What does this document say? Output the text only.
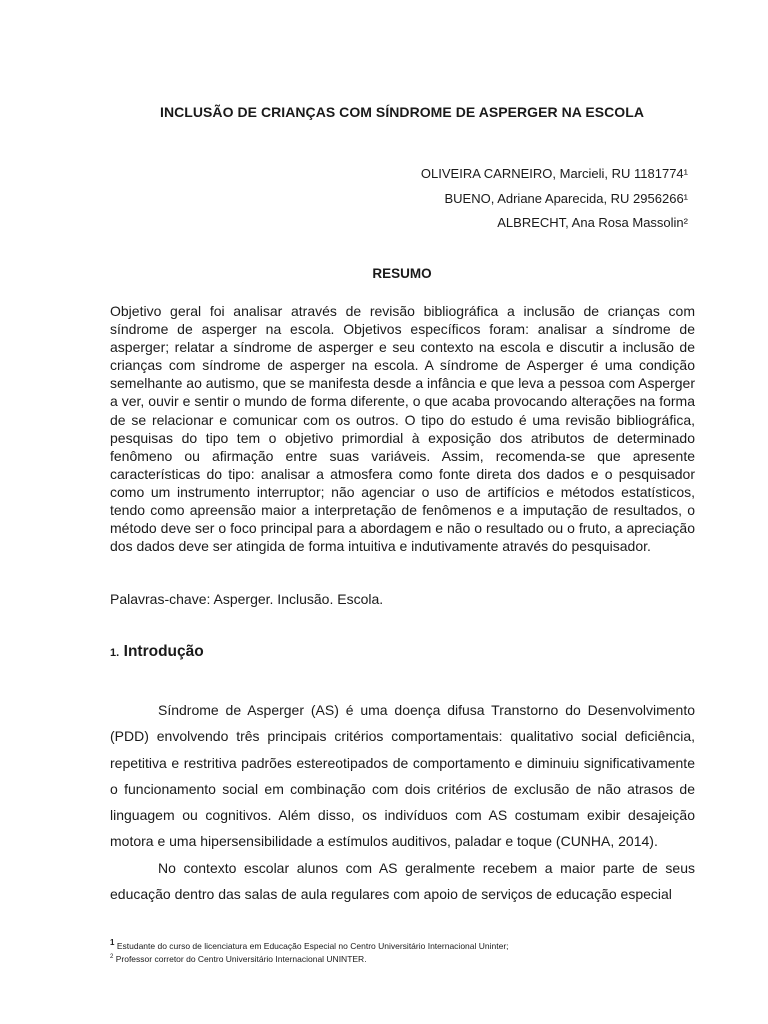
INCLUSÃO DE CRIANÇAS COM SÍNDROME DE ASPERGER NA ESCOLA
OLIVEIRA CARNEIRO, Marcieli, RU 1181774¹
BUENO, Adriane Aparecida, RU 2956266¹
ALBRECHT, Ana Rosa Massolin²
RESUMO
Objetivo geral foi analisar através de revisão bibliográfica a inclusão de crianças com síndrome de asperger na escola. Objetivos específicos foram: analisar a síndrome de asperger; relatar a síndrome de asperger e seu contexto na escola e discutir a inclusão de crianças com síndrome de asperger na escola. A síndrome de Asperger é uma condição semelhante ao autismo, que se manifesta desde a infância e que leva a pessoa com Asperger a ver, ouvir e sentir o mundo de forma diferente, o que acaba provocando alterações na forma de se relacionar e comunicar com os outros. O tipo do estudo é uma revisão bibliográfica, pesquisas do tipo tem o objetivo primordial à exposição dos atributos de determinado fenômeno ou afirmação entre suas variáveis. Assim, recomenda-se que apresente características do tipo: analisar a atmosfera como fonte direta dos dados e o pesquisador como um instrumento interruptor; não agenciar o uso de artifícios e métodos estatísticos, tendo como apreensão maior a interpretação de fenômenos e a imputação de resultados, o método deve ser o foco principal para a abordagem e não o resultado ou o fruto, a apreciação dos dados deve ser atingida de forma intuitiva e indutivamente através do pesquisador.
Palavras-chave: Asperger. Inclusão. Escola.
1. Introdução

Síndrome de Asperger (AS) é uma doença difusa Transtorno do Desenvolvimento (PDD) envolvendo três principais critérios comportamentais: qualitativo social deficiência, repetitiva e restritiva padrões estereotipados de comportamento e diminuiu significativamente o funcionamento social em combinação com dois critérios de exclusão de não atrasos de linguagem ou cognitivos. Além disso, os indivíduos com AS costumam exibir desajeição motora e uma hipersensibilidade a estímulos auditivos, paladar e toque (CUNHA, 2014).

No contexto escolar alunos com AS geralmente recebem a maior parte de seus educação dentro das salas de aula regulares com apoio de serviços de educação especial

$^1$ Estudante do curso de licenciatura em Educação Especial no Centro Universitário Internacional Uninter;
$^2$ Professor corretor do Centro Universitário Internacional UNINTER.
